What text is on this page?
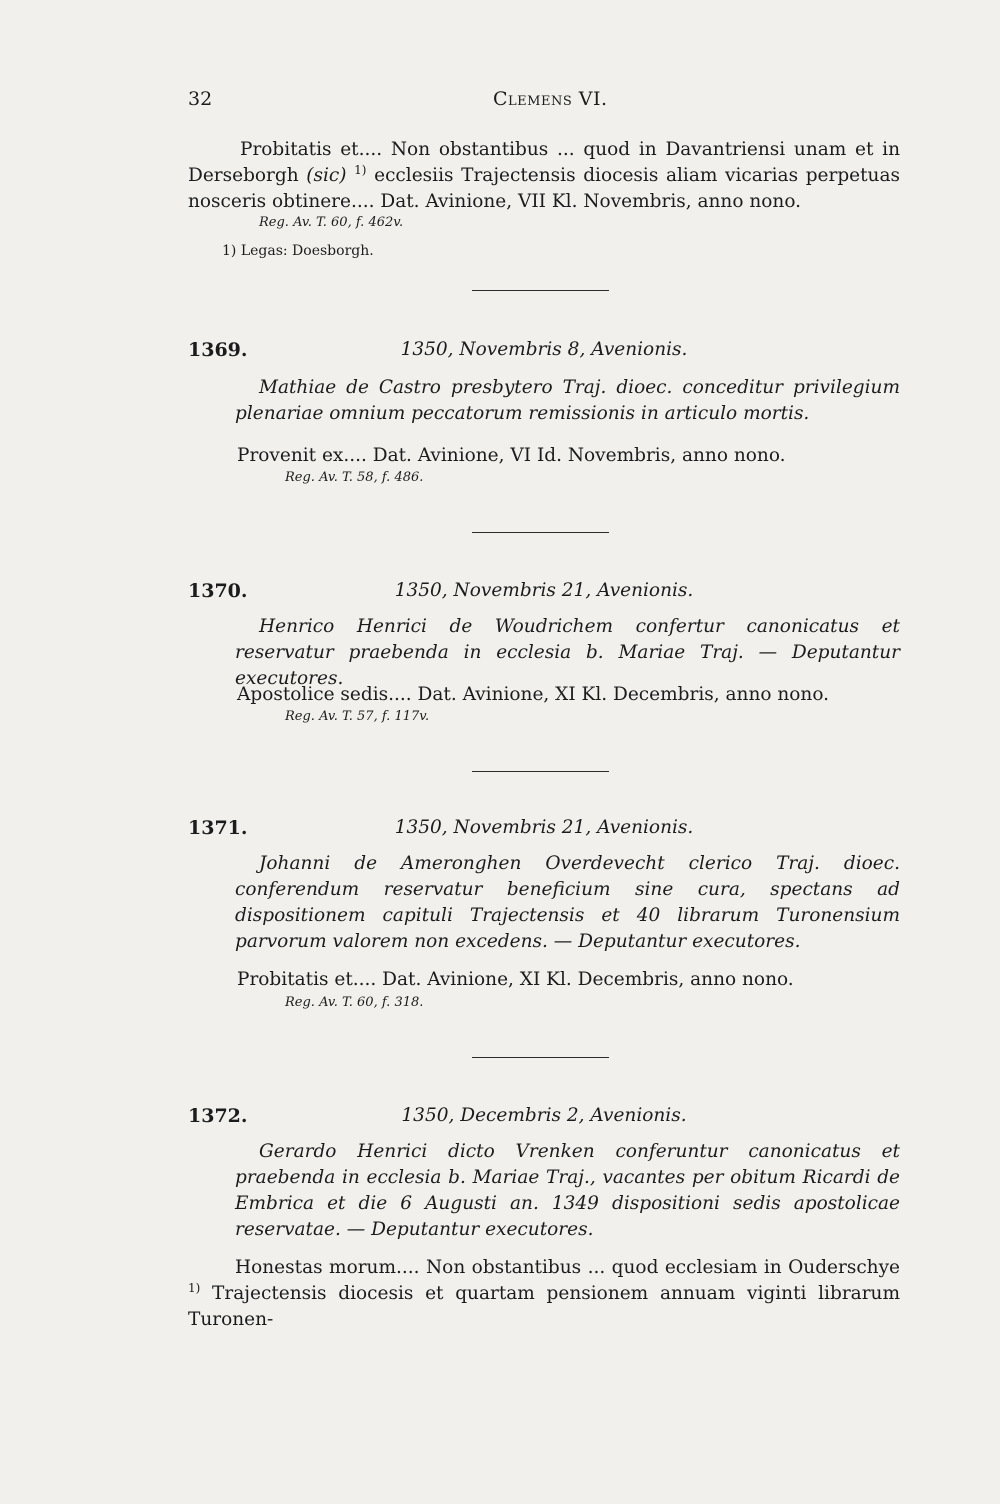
32	Clemens VI.

Probitatis et.... Non obstantibus ... quod in Davantriensi unam et in Derseborgh (sic) $^{1)}$ ecclesiis Trajectensis diocesis aliam vicarias perpetuas nosceris obtinere.... Dat. Avinione, VII Kl. Novembris, anno nono.

Reg. Av. T. 60, f. 462v.
1) Legas: Doesborgh.
1369.	1350, Novembris 8, Avenionis.

Mathiae de Castro presbytero Traj. dioec. conceditur privilegium plenariae omnium peccatorum remissionis in articulo mortis.

Provenit ex.... Dat. Avinione, VI Id. Novembris, anno nono.
Reg. Av. T. 58, f. 486.
1370.	1350, Novembris 21, Avenionis.

Henrico Henrici de Woudrichem confertur canonicatus et reservatur praebenda in ecclesia b. Mariae Traj. — Deputantur executores.

Apostolice sedis.... Dat. Avinione, XI Kl. Decembris, anno nono.
Reg. Av. T. 57, f. 117v.
1371.	1350, Novembris 21, Avenionis.

Johanni de Ameronghen Overdevecht clerico Traj. dioec. conferendum reservatur beneficium sine cura, spectans ad dispositionem capituli Trajectensis et 40 librarum Turonensium parvorum valorem non excedens. — Deputantur executores.

Probitatis et.... Dat. Avinione, XI Kl. Decembris, anno nono.
Reg. Av. T. 60, f. 318.
1372.	1350, Decembris 2, Avenionis.

Gerardo Henrici dicto Vrenken conferuntur canonicatus et praebenda in ecclesia b. Mariae Traj., vacantes per obitum Ricardi de Embrica et die 6 Augusti an. 1349 dispositioni sedis apostolicae reservatae. — Deputantur executores.

Honestas morum.... Non obstantibus ... quod ecclesiam in Ouderschye $^{1)}$ Trajectensis diocesis et quartam pensionem annuam viginti librarum Turonen-
